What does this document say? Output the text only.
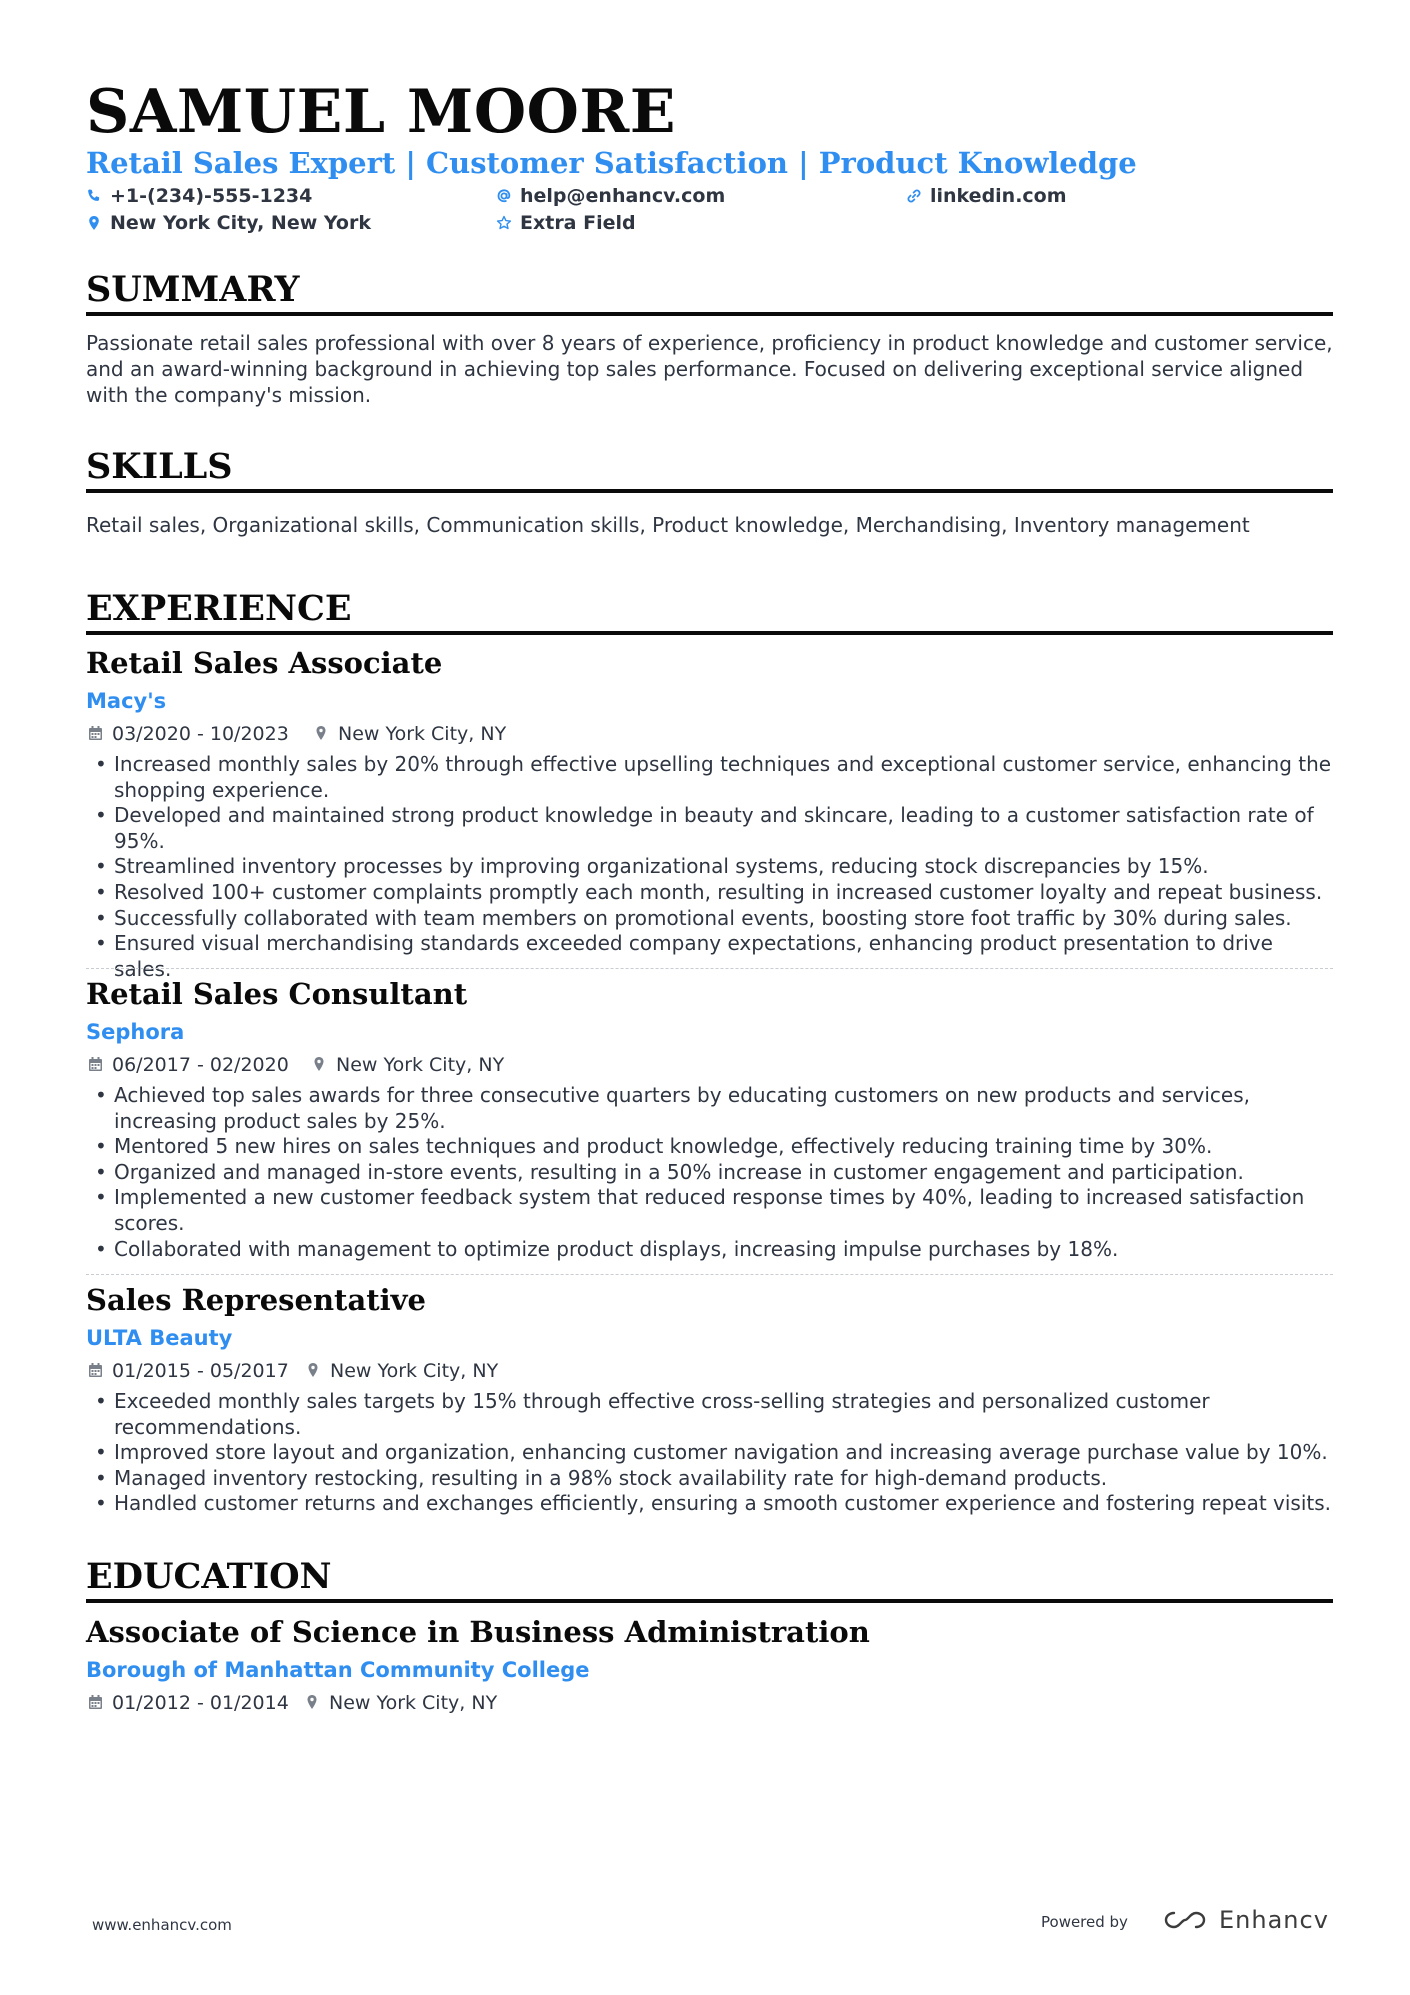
SAMUEL MOORE
Retail Sales Expert | Customer Satisfaction | Product Knowledge
+1-(234)-555-1234	help@enhancv.com	linkedin.com
New York City, New York	Extra Field
SUMMARY

Passionate retail sales professional with over 8 years of experience, proficiency in product knowledge and customer service, and an award-winning background in achieving top sales performance. Focused on delivering exceptional service aligned with the company's mission.

SKILLS

Retail sales, Organizational skills, Communication skills, Product knowledge, Merchandising, Inventory management

EXPERIENCE
Retail Sales Associate
Macy's
03/2020 - 10/2023	New York City, NY
• Increased monthly sales by 20% through effective upselling techniques and exceptional customer service, enhancing the shopping experience.
• Developed and maintained strong product knowledge in beauty and skincare, leading to a customer satisfaction rate of 95%.
• Streamlined inventory processes by improving organizational systems, reducing stock discrepancies by 15%.
• Resolved 100+ customer complaints promptly each month, resulting in increased customer loyalty and repeat business.
• Successfully collaborated with team members on promotional events, boosting store foot traffic by 30% during sales.
• Ensured visual merchandising standards exceeded company expectations, enhancing product presentation to drive sales.
Retail Sales Consultant
Sephora
06/2017 - 02/2020 New York City, NY
• Achieved top sales awards for three consecutive quarters by educating customers on new products and services, increasing product sales by 25%.
• Mentored 5 new hires on sales techniques and product knowledge, effectively reducing training time by 30%.
• Organized and managed in-store events, resulting in a 50% increase in customer engagement and participation.
• Implemented a new customer feedback system that reduced response times by 40%, leading to increased satisfaction scores.
• Collaborated with management to optimize product displays, increasing impulse purchases by 18%.
Sales Representative
ULTA Beauty
01/2015 - 05/2017 New York City, NY
• Exceeded monthly sales targets by 15% through effective cross-selling strategies and personalized customer recommendations.
• Improved store layout and organization, enhancing customer navigation and increasing average purchase value by 10%.
• Managed inventory restocking, resulting in a 98% stock availability rate for high-demand products.
• Handled customer returns and exchanges efficiently, ensuring a smooth customer experience and fostering repeat visits.
EDUCATION
Associate of Science in Business Administration
Borough of Manhattan Community College
01/2012 - 01/2014 New York City, NY
www.enhancv.com	Powered by	Enhancv
